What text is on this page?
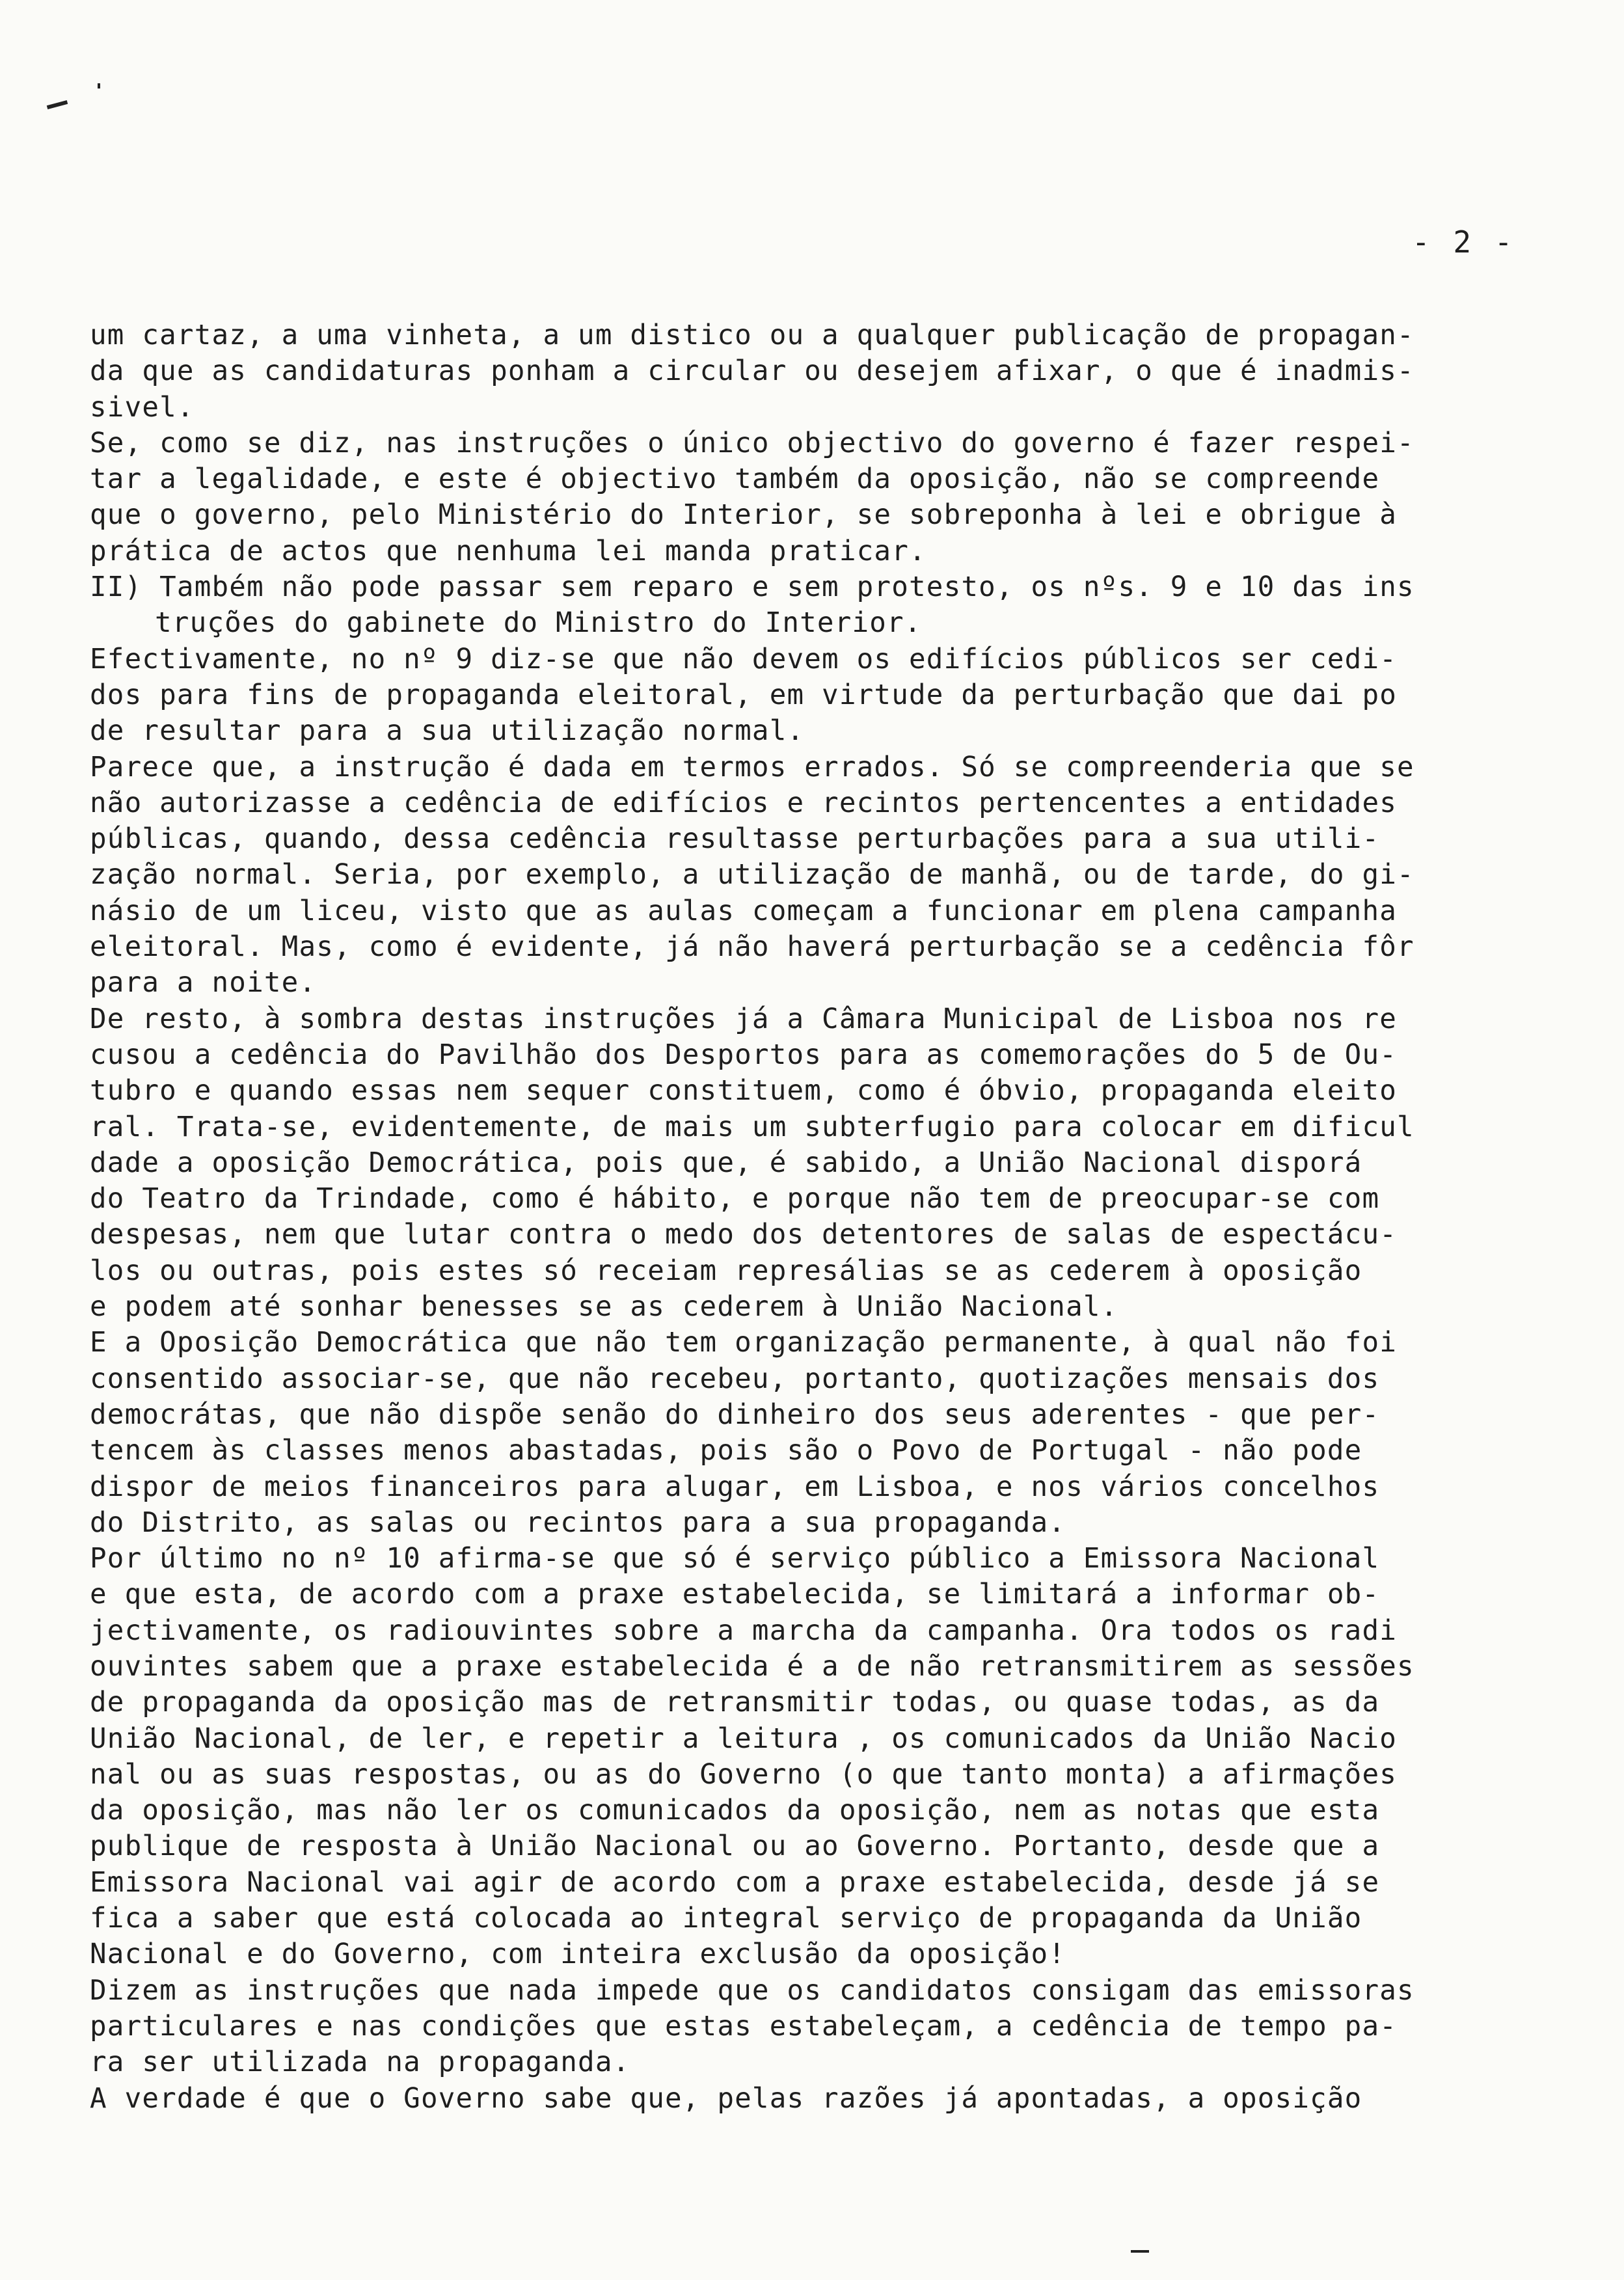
- 2 -
um cartaz, a uma vinheta, a um distico ou a qualquer publicação de propagan-
da que as candidaturas ponham a circular ou desejem afixar, o que é inadmis-
sivel.
Se, como se diz, nas instruções o único objectivo do governo é fazer respei-
tar a legalidade, e este é objectivo também da oposição, não se compreende
que o governo, pelo Ministério do Interior, se sobreponha à lei e obrigue à
prática de actos que nenhuma lei manda praticar.
II) Também não pode passar sem reparo e sem protesto, os nºs. 9 e 10 das ins
truções do gabinete do Ministro do Interior.
Efectivamente, no nº 9 diz-se que não devem os edifícios públicos ser cedi-
dos para fins de propaganda eleitoral, em virtude da perturbação que dai po
de resultar para a sua utilização normal.
Parece que, a instrução é dada em termos errados. Só se compreenderia que se
não autorizasse a cedência de edifícios e recintos pertencentes a entidades
públicas, quando, dessa cedência resultasse perturbações para a sua utili-
zação normal. Seria, por exemplo, a utilização de manhã, ou de tarde, do gi-
násio de um liceu, visto que as aulas começam a funcionar em plena campanha
eleitoral. Mas, como é evidente, já não haverá perturbação se a cedência fôr
para a noite.
De resto, à sombra destas instruções já a Câmara Municipal de Lisboa nos re
cusou a cedência do Pavilhão dos Desportos para as comemorações do 5 de Ou-
tubro e quando essas nem sequer constituem, como é óbvio, propaganda eleito
ral. Trata-se, evidentemente, de mais um subterfugio para colocar em dificul
dade a oposição Democrática, pois que, é sabido, a União Nacional disporá
do Teatro da Trindade, como é hábito, e porque não tem de preocupar-se com
despesas, nem que lutar contra o medo dos detentores de salas de espectácu-
los ou outras, pois estes só receiam represálias se as cederem à oposição
e podem até sonhar benesses se as cederem à União Nacional.
E a Oposição Democrática que não tem organização permanente, à qual não foi
consentido associar-se, que não recebeu, portanto, quotizações mensais dos
democrátas, que não dispõe senão do dinheiro dos seus aderentes - que per-
tencem às classes menos abastadas, pois são o Povo de Portugal - não pode
dispor de meios financeiros para alugar, em Lisboa, e nos vários concelhos
do Distrito, as salas ou recintos para a sua propaganda.
Por último no nº 10 afirma-se que só é serviço público a Emissora Nacional
e que esta, de acordo com a praxe estabelecida, se limitará a informar ob-
jectivamente, os radiouvintes sobre a marcha da campanha. Ora todos os radi
ouvintes sabem que a praxe estabelecida é a de não retransmitirem as sessões
de propaganda da oposição mas de retransmitir todas, ou quase todas, as da
União Nacional, de ler, e repetir a leitura , os comunicados da União Nacio
nal ou as suas respostas, ou as do Governo (o que tanto monta) a afirmações
da oposição, mas não ler os comunicados da oposição, nem as notas que esta
publique de resposta à União Nacional ou ao Governo. Portanto, desde que a
Emissora Nacional vai agir de acordo com a praxe estabelecida, desde já se
fica a saber que está colocada ao integral serviço de propaganda da União
Nacional e do Governo, com inteira exclusão da oposição!
Dizem as instruções que nada impede que os candidatos consigam das emissoras
particulares e nas condições que estas estabeleçam, a cedência de tempo pa-
ra ser utilizada na propaganda.
A verdade é que o Governo sabe que, pelas razões já apontadas, a oposição
